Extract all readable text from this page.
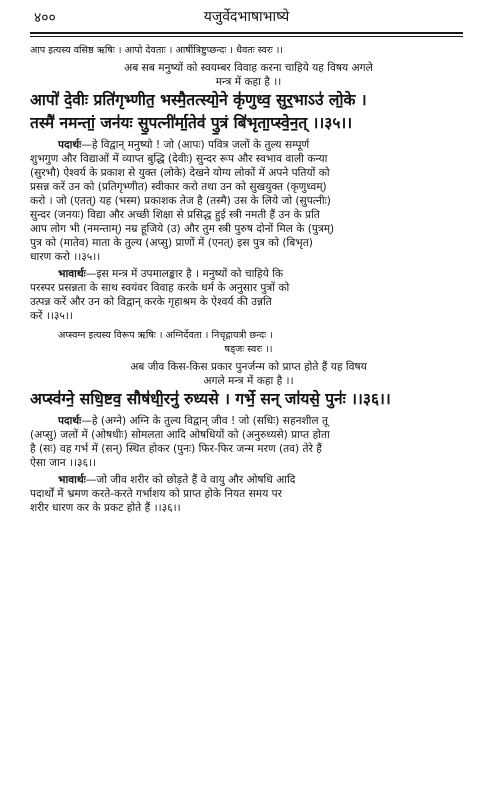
४००	यजुर्वेदभाषाभाष्ये
आप इत्यस्य वसिष्ठ ऋषिः । आपो देवताः । आर्षीत्रिष्टुप्छन्दः । धैवतः स्वरः ।।
अब सब मनुष्यों को स्वयम्बर विवाह करना चाहिये यह विषय अगले
मन्त्र में कहा है ।।
आपो॑ दे॒वीः प्रति॑गृभ्णीत॒ भस्मै॒तत्स्यो॒ने कृ॑णुध्व॒ सुर॒भाऽउ॑ लो॒के ।
तस्मै॑ नमन्तां॒ जन॑यः सु॒पत्नी॑र्मा॒तेव॑ पु॒त्रं बि॑भृता॒प्स्वे॒न॒त् ।।३५।।
पदार्थः—हे विद्वान् मनुष्यो ! जो (आपः) पवित्र जलों के तुल्य सम्पूर्ण
शुभगुण और विद्याओं में व्याप्त बुद्धि (देवीः) सुन्दर रूप और स्वभाव वाली कन्या
(सुरभौ) ऐश्वर्य के प्रकाश से युक्त (लोके) देखने योग्य लोकों में अपने पतियों को
प्रसन्न करें उन को (प्रतिगृभ्णीत) स्वीकार करो तथा उन को सुखयुक्त (कृणुध्वम्)
करो । जो (एतत्) यह (भस्म) प्रकाशक तेज है (तस्मै) उस के लिये जो (सुपत्नीः)
सुन्दर (जनयः) विद्या और अच्छी शिक्षा से प्रसिद्ध हुई स्त्री नमती हैं उन के प्रति
आप लोग भी (नमन्ताम्) नम्र हूजिये (उ) और तुम स्त्री पुरुष दोनों मिल के (पुत्रम्)
पुत्र को (मातेव) माता के तुल्य (अप्सु) प्राणों में (एनत्) इस पुत्र को (बिभृत)
धारण करो ।।३५।।
भावार्थः—इस मन्त्र में उपमालङ्कार है । मनुष्यों को चाहिये कि
परस्पर प्रसन्नता के साथ स्वयंवर विवाह करके धर्म के अनुसार पुत्रों को
उत्पन्न करें और उन को विद्वान् करके गृहाश्रम के ऐश्वर्य की उन्नति
करें ।।३५।।
अप्स्वग्न इत्यस्य विरूप ऋषिः । अग्निर्देवता । निचृद्गायत्री छन्दः ।
षड्जः स्वरः ।।
अब जीव किस-किस प्रकार पुनर्जन्म को प्राप्त होते हैं यह विषय
अगले मन्त्र में कहा है ।।
अप्स्व॑ग्ने॒ सधि॒ष्टव॒ सौष॑धी॒रनु॑ रुध्यसे । गर्भे॒ सन् जा॑यसे॒ पुनः॑ ।।३६।।
पदार्थः—हे (अग्ने) अग्नि के तुल्य विद्वान् जीव ! जो (सधिः) सहनशील तू
(अप्सु) जलों में (ओषधीः) सोमलता आदि ओषधियों को (अनुरुध्यसे) प्राप्त होता
है (सः) वह गर्भ में (सन्) स्थित होकर (पुनः) फिर-फिर जन्म मरण (तव) तेरे हैं
ऐसा जान ।।३६।।
भावार्थः—जो जीव शरीर को छोड़ते हैं वे वायु और ओषधि आदि
पदार्थों में भ्रमण करते-करते गर्भाशय को प्राप्त होके नियत समय पर
शरीर धारण कर के प्रकट होते हैं ।।३६।।
